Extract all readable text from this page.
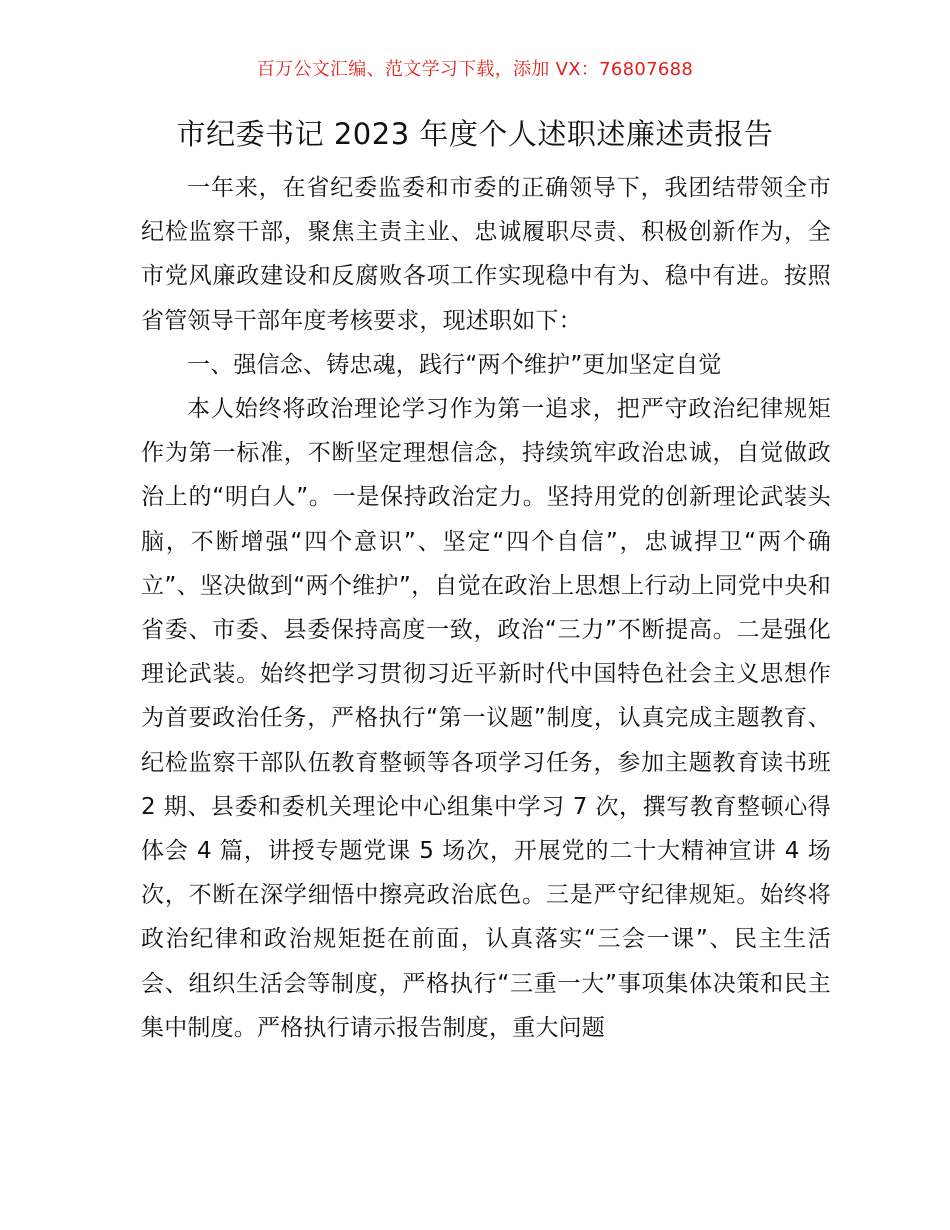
百万公文汇编、范文学习下载，添加 VX：76807688
市纪委书记 2023 年度个人述职述廉述责报告

一年来，在省纪委监委和市委的正确领导下，我团结带领全市纪检监察干部，聚焦主责主业、忠诚履职尽责、积极创新作为，全市党风廉政建设和反腐败各项工作实现稳中有为、稳中有进。按照省管领导干部年度考核要求，现述职如下：

一、强信念、铸忠魂，践行“两个维护”更加坚定自觉

本人始终将政治理论学习作为第一追求，把严守政治纪律规矩作为第一标准，不断坚定理想信念，持续筑牢政治忠诚，自觉做政治上的“明白人”。一是保持政治定力。坚持用党的创新理论武装头脑，不断增强“四个意识”、坚定“四个自信”，忠诚捍卫“两个确立”、坚决做到“两个维护”，自觉在政治上思想上行动上同党中央和省委、市委、县委保持高度一致，政治“三力”不断提高。二是强化理论武装。始终把学习贯彻习近平新时代中国特色社会主义思想作为首要政治任务，严格执行“第一议题”制度，认真完成主题教育、纪检监察干部队伍教育整顿等各项学习任务，参加主题教育读书班 2 期、县委和委机关理论中心组集中学习 7 次，撰写教育整顿心得体会 4 篇，讲授专题党课 5 场次，开展党的二十大精神宣讲 4 场次，不断在深学细悟中擦亮政治底色。三是严守纪律规矩。始终将政治纪律和政治规矩挺在前面，认真落实“三会一课”、民主生活会、组织生活会等制度，严格执行“三重一大”事项集体决策和民主集中制度。严格执行请示报告制度，重大问题
